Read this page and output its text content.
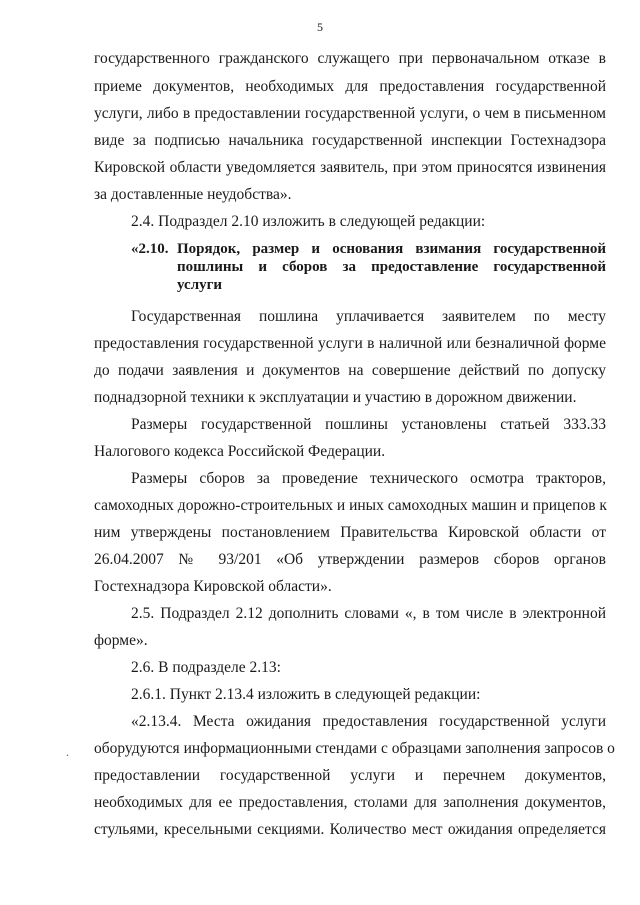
5
государственного гражданского служащего при первоначальном отказе в
приеме документов, необходимых для предоставления государственной
услуги, либо в предоставлении государственной услуги, о чем в письменном
виде за подписью начальника государственной инспекции Гостехнадзора
Кировской области уведомляется заявитель, при этом приносятся извинения
за доставленные неудобства».
2.4. Подраздел 2.10 изложить в следующей редакции:
«2.10. Порядок, размер и основания взимания государственной
пошлины и сборов за предоставление государственной
услуги
Государственная пошлина уплачивается заявителем по месту
предоставления государственной услуги в наличной или безналичной форме
до подачи заявления и документов на совершение действий по допуску
поднадзорной техники к эксплуатации и участию в дорожном движении.
Размеры государственной пошлины установлены статьей 333.33
Налогового кодекса Российской Федерации.
Размеры сборов за проведение технического осмотра тракторов,
самоходных дорожно-строительных и иных самоходных машин и прицепов к
ним утверждены постановлением Правительства Кировской области от
26.04.2007 № 93/201 «Об утверждении размеров сборов органов
Гостехнадзора Кировской области».
2.5. Подраздел 2.12 дополнить словами «, в том числе в электронной
форме».
2.6. В подразделе 2.13:
2.6.1. Пункт 2.13.4 изложить в следующей редакции:
«2.13.4. Места ожидания предоставления государственной услуги
оборудуются информационными стендами с образцами заполнения запросов о
предоставлении государственной услуги и перечнем документов,
необходимых для ее предоставления, столами для заполнения документов,
стульями, кресельными секциями. Количество мест ожидания определяется
.
